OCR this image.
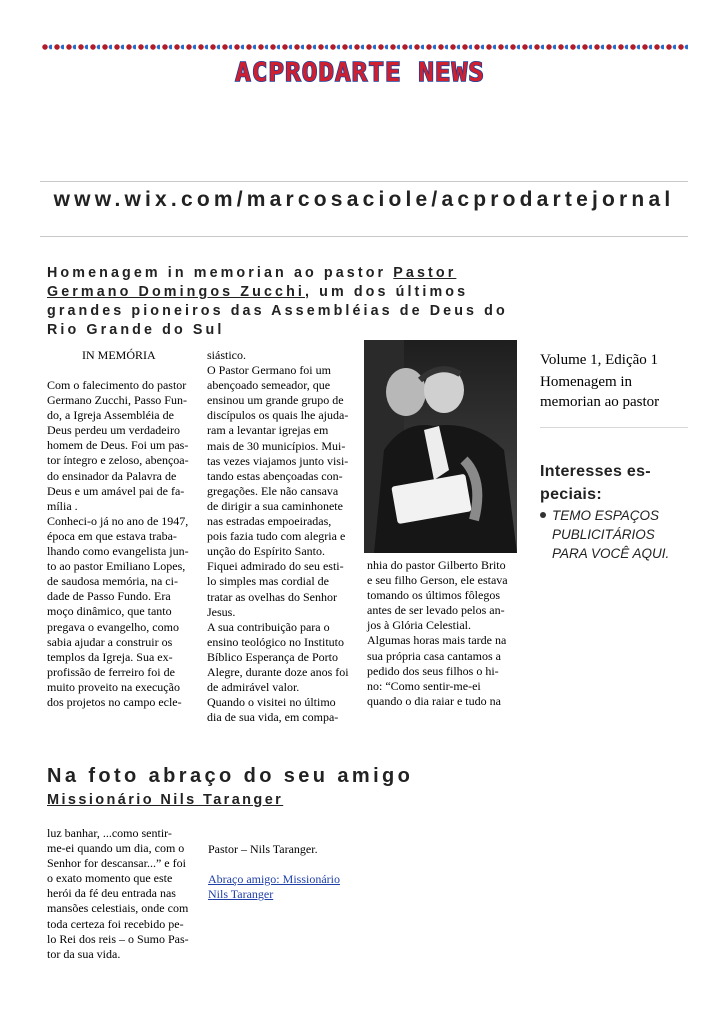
ACPRODARTE NEWS
www.wix.com/marcosaciole/acprodartejornal
Homenagem in memorian ao pastor Pastor Germano Domingos Zucchi, um dos últimos grandes pioneiros das Assembléias de Deus do Rio Grande do Sul
IN MEMÓRIA
Com o falecimento do pastor
Germano Zucchi, Passo Fun-
do, a Igreja Assembléia de
Deus perdeu um verdadeiro
homem de Deus. Foi um pas-
tor íntegro e zeloso, abençoa-
do ensinador da Palavra de
Deus e um amável pai de fa-
mília .
Conheci-o já no ano de 1947,
época em que estava traba-
lhando como evangelista jun-
to ao pastor Emiliano Lopes,
de saudosa memória, na ci-
dade de Passo Fundo. Era
moço dinâmico, que tanto
pregava o evangelho, como
sabia ajudar a construir os
templos da Igreja. Sua ex-
profissão de ferreiro foi de
muito proveito na execução
dos projetos no campo ecle-
siástico.
O Pastor Germano foi um
abençoado semeador, que
ensinou um grande grupo de
discípulos os quais lhe ajuda-
ram a levantar igrejas em
mais de 30 municípios. Mui-
tas vezes viajamos junto visi-
tando estas abençoadas con-
gregações. Ele não cansava
de dirigir a sua caminhonete
nas estradas empoeiradas,
pois fazia tudo com alegria e
unção do Espírito Santo.
Fiquei admirado do seu esti-
lo simples mas cordial de
tratar as ovelhas do Senhor
Jesus.
A sua contribuição para o
ensino teológico no Instituto
Bíblico Esperança de Porto
Alegre, durante doze anos foi
de admirável valor.
Quando o visitei no último
dia de sua vida, em compa-
nhia do pastor Gilberto Brito
e seu filho Gerson, ele estava
tomando os últimos fôlegos
antes de ser levado pelos an-
jos à Glória Celestial.
Algumas horas mais tarde na
sua própria casa cantamos a
pedido dos seus filhos o hi-
no: “Como sentir-me-ei
quando o dia raiar e tudo na
Volume 1, Edição 1
Homenagem in
memorian ao pastor
Interesses es-
peciais:
TEMO ESPAÇOS
PUBLICITÁRIOS
PARA VOCÊ AQUI.
Na foto abraço do seu amigo
Missionário Nils Taranger
luz banhar, ...como sentir-
me-ei quando um dia, com o
Senhor for descansar...” e foi
o exato momento que este
herói da fé deu entrada nas
mansões celestiais, onde com
toda certeza foi recebido pe-
lo Rei dos reis – o Sumo Pas-
tor da sua vida.
Pastor – Nils Taranger.
Abraço amigo: Missionário
Nils Taranger
